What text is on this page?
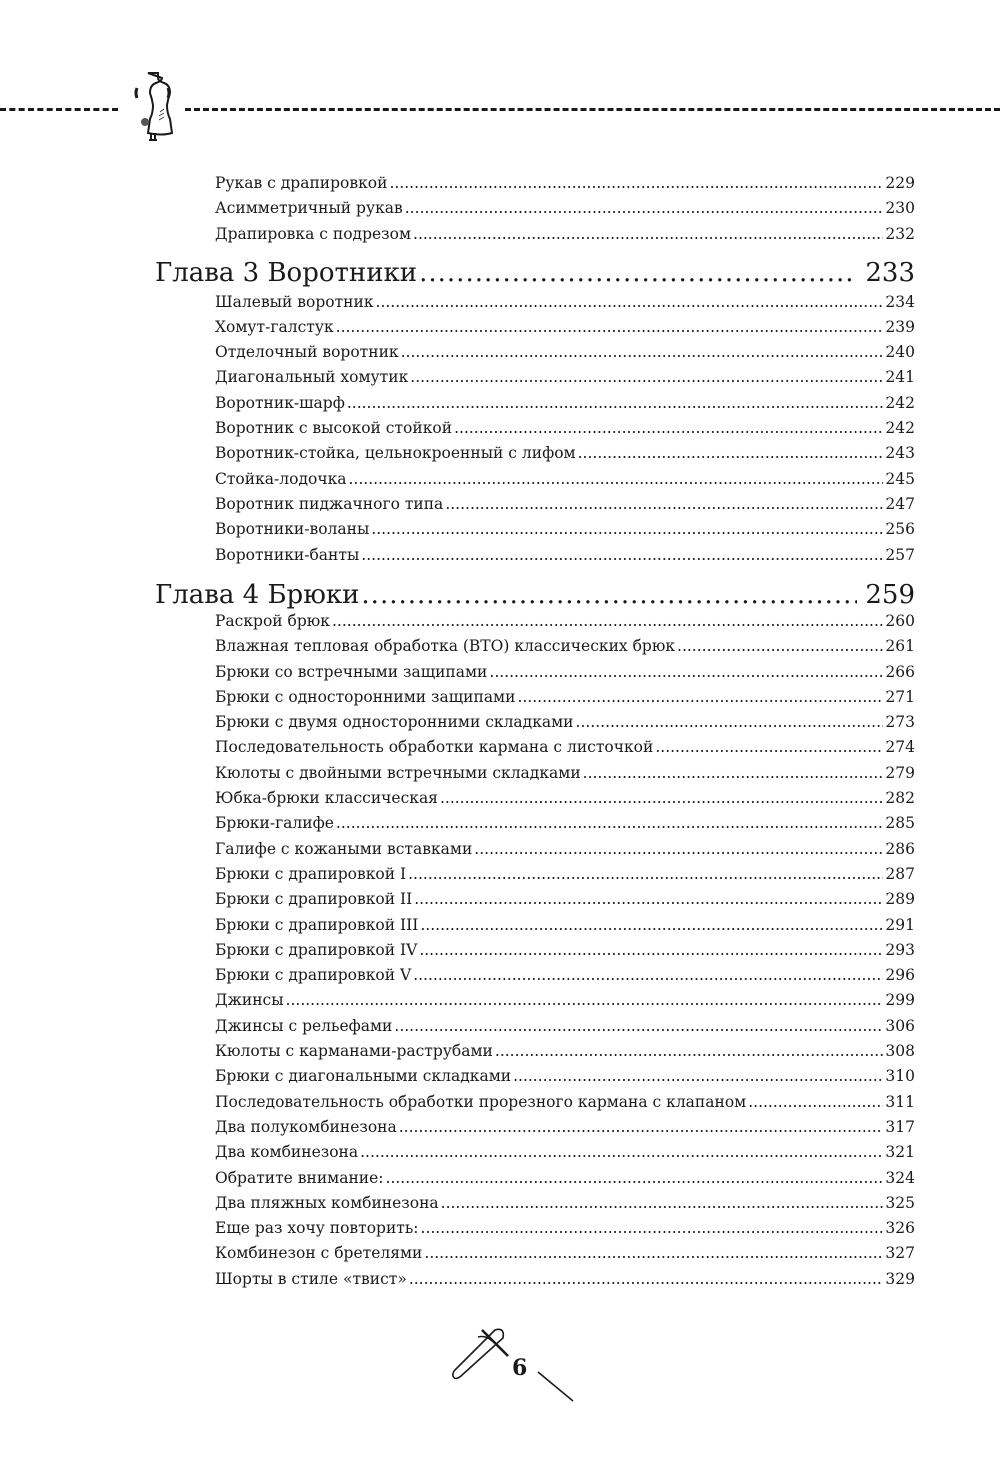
Рукав с драпировкой .....	229
Асимметричный рукав .....	230
Драпировка с подрезом .....	232
Глава 3 Воротники .....	233
Шалевый воротник .....	234
Хомут-галстук .....	239
Отделочный воротник .....	240
Диагональный хомутик .....	241
Воротник-шарф .....	242
Воротник с высокой стойкой .....	242
Воротник-стойка, цельнокроенный с лифом .....	243
Стойка-лодочка .....	245
Воротник пиджачного типа .....	247
Воротники-воланы .....	256
Воротники-банты .....	257
Глава 4 Брюки .....	259
Раскрой брюк .....	260
Влажная тепловая обработка (ВТО) классических брюк .....	261
Брюки со встречными защипами .....	266
Брюки с односторонними защипами .....	271
Брюки с двумя односторонними складками .....	273
Последовательность обработки кармана с листочкой .....	274
Кюлоты с двойными встречными складками .....	279
Юбка-брюки классическая .....	282
Брюки-галифе .....	285
Галифе с кожаными вставками .....	286
Брюки с драпировкой I .....	287
Брюки с драпировкой II .....	289
Брюки с драпировкой III .....	291
Брюки с драпировкой IV .....	293
Брюки с драпировкой V .....	296
Джинсы .....	299
Джинсы с рельефами .....	306
Кюлоты с карманами-раструбами .....	308
Брюки с диагональными складками .....	310
Последовательность обработки прорезного кармана с клапаном .....	311
Два полукомбинезона .....	317
Два комбинезона .....	321
Обратите внимание: .....	324
Два пляжных комбинезона .....	325
Еще раз хочу повторить: .....	326
Комбинезон с бретелями .....	327
Шорты в стиле «твист» .....	329
6
